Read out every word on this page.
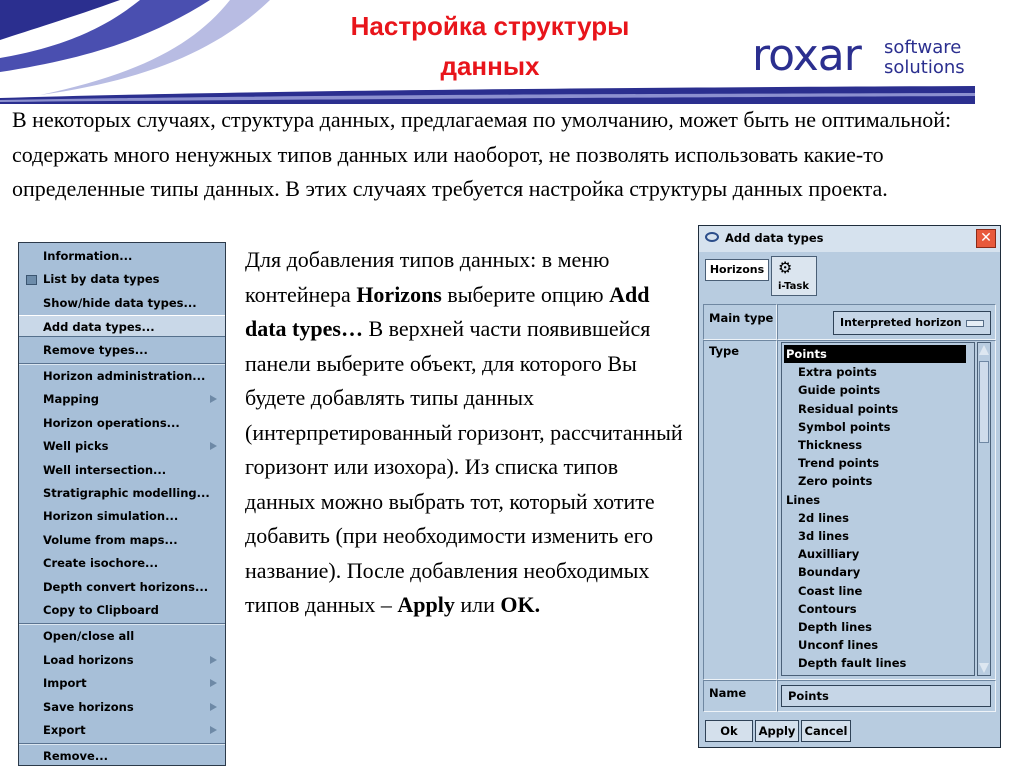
Настройка структуры
данных	roxar software
solutions
В некоторых случаях, структура данных, предлагаемая по умолчанию, может быть не оптимальной: содержать много ненужных типов данных или наоборот, не позволять использовать какие-то определенные типы данных. В этих случаях требуется настройка структуры данных проекта.
Для добавления типов данных: в меню контейнера Horizons выберите опцию Add data types… В верхней части появившейся панели выберите объект, для которого Вы будете добавлять типы данных (интерпретированный горизонт, рассчитанный горизонт или изохора). Из списка типов данных можно выбрать тот, который хотите добавить (при необходимости изменить его название). После добавления необходимых типов данных – Apply или OK.
Information...
List by data types
Show/hide data types...
Add data types...
Remove types...
Horizon administration...
Mapping
Horizon operations...
Well picks
Well intersection...
Stratigraphic modelling...
Horizon simulation...
Volume from maps...
Create isochore...
Depth convert horizons...
Copy to Clipboard
Open/close all
Load horizons
Import
Save horizons
Export
Remove...
Add data types	✕
Horizons ⚙
i-Task
Main type	Interpreted horizon
Type	Points
Extra points
Guide points
Residual points
Symbol points
Thickness
Trend points
Zero points
Lines
2d lines
3d lines
Auxilliary
Boundary
Coast line
Contours
Depth lines
Unconf lines
Depth fault lines
Name
Points
Ok	Apply Cancel
